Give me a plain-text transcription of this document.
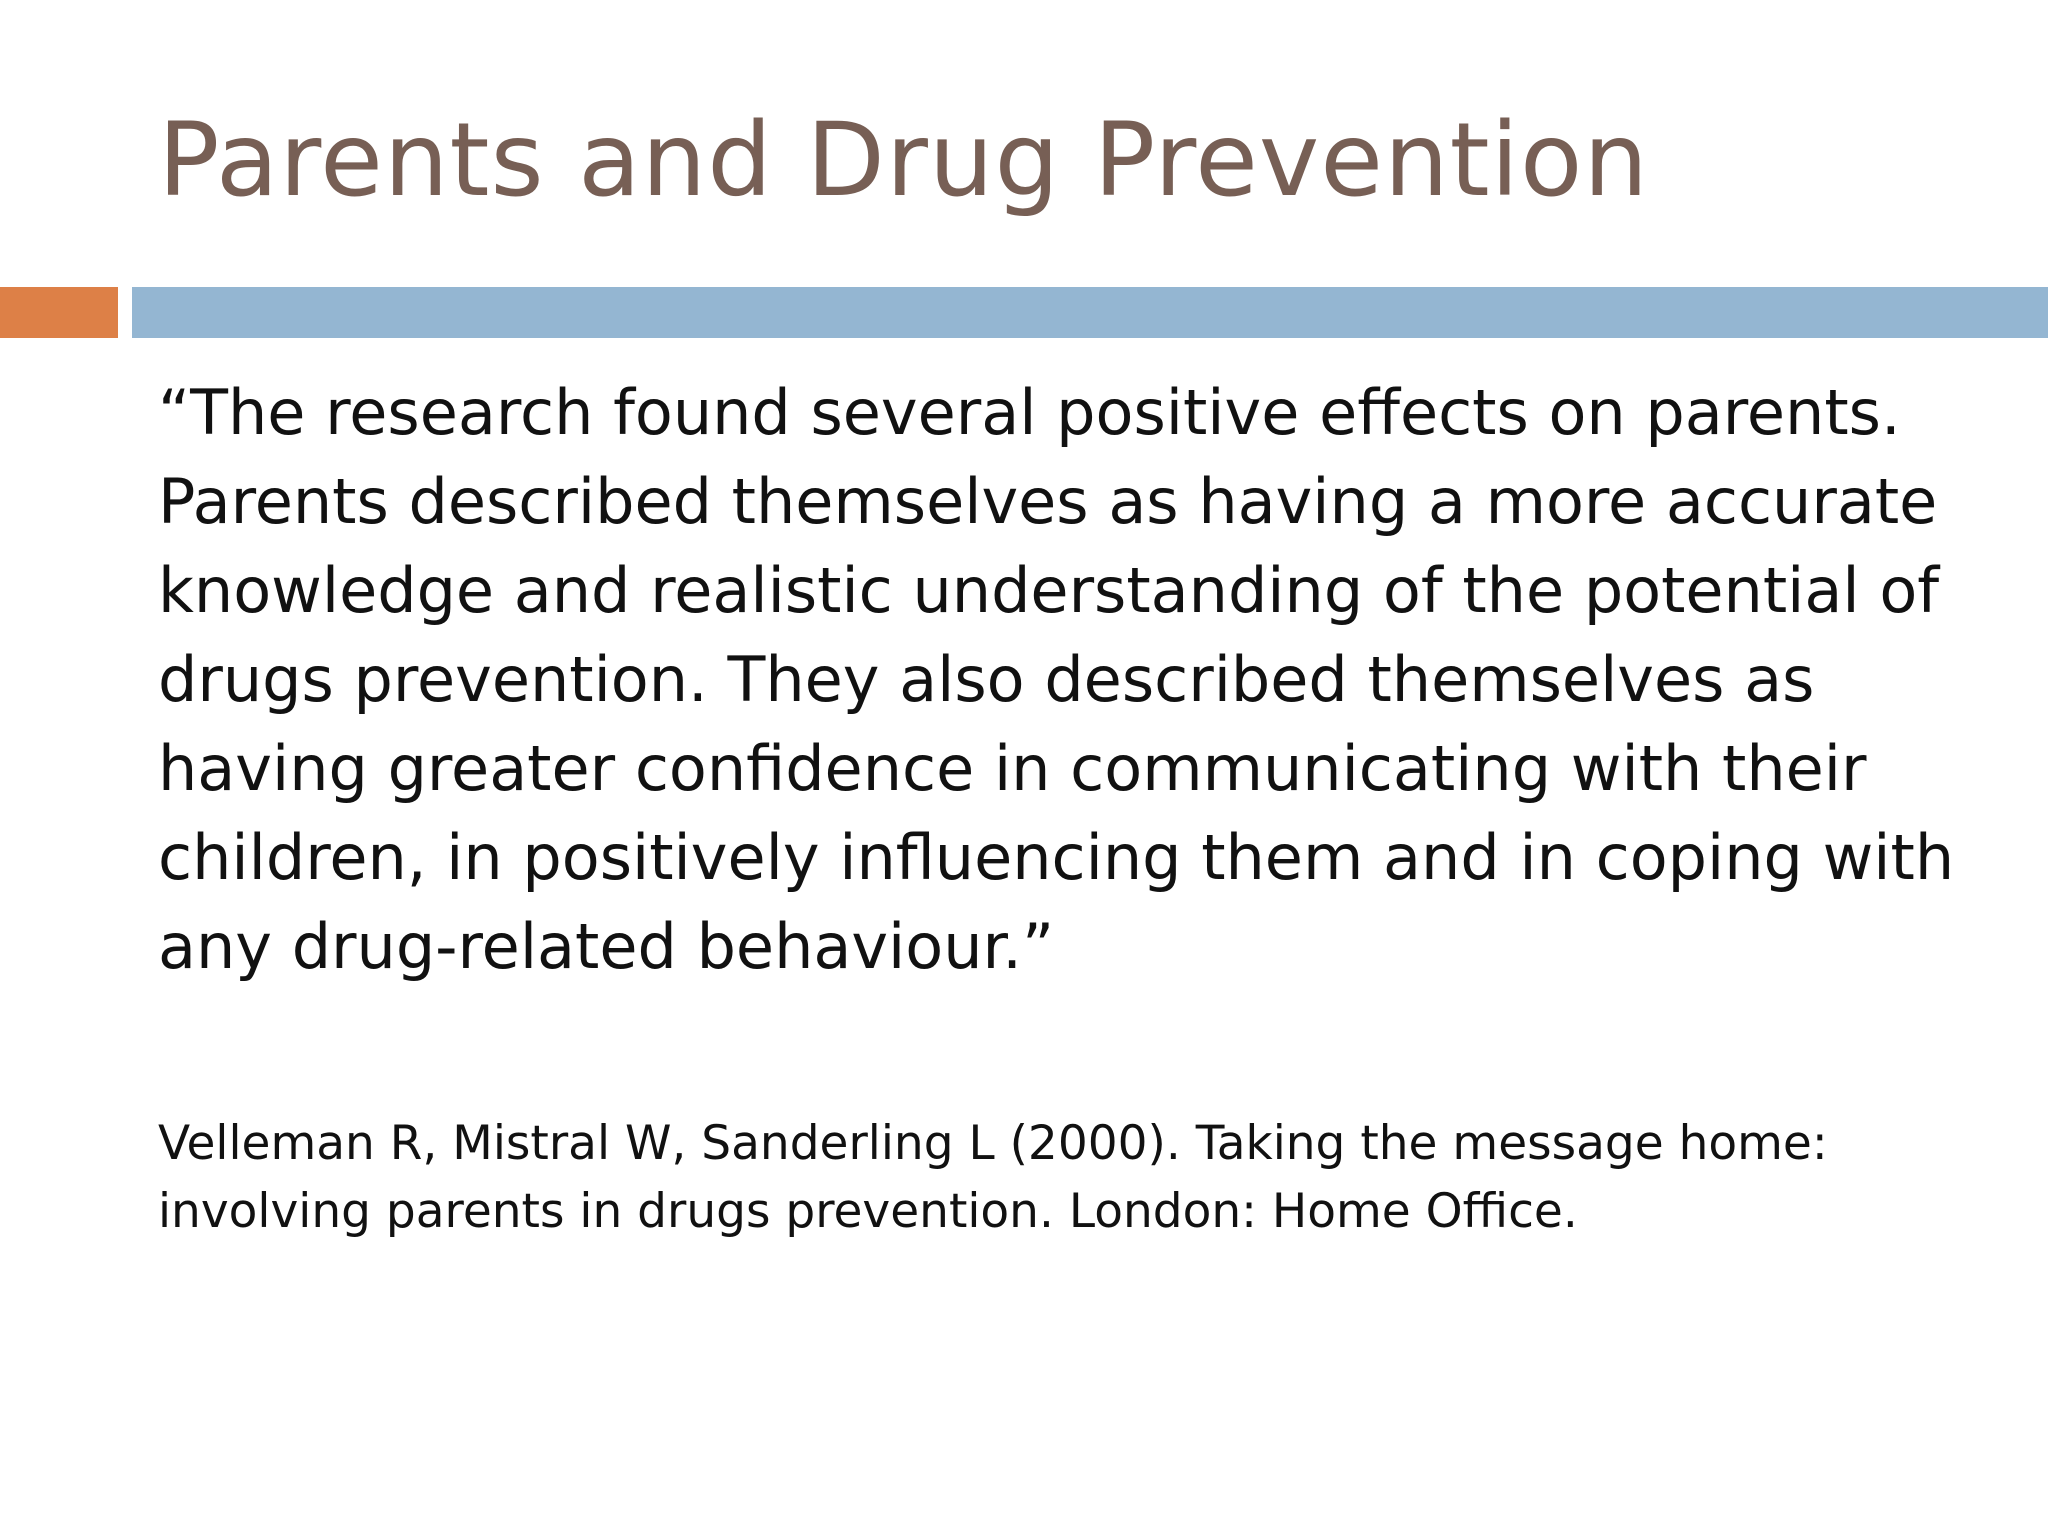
Parents and Drug Prevention

“The research found several positive effects on parents. Parents described themselves as having a more accurate knowledge and realistic understanding of the potential of drugs prevention. They also described themselves as having greater confidence in communicating with their children, in positively influencing them and in coping with any drug-related behaviour.”

Velleman R, Mistral W, Sanderling L (2000). Taking the message home: involving parents in drugs prevention. London: Home Office.
